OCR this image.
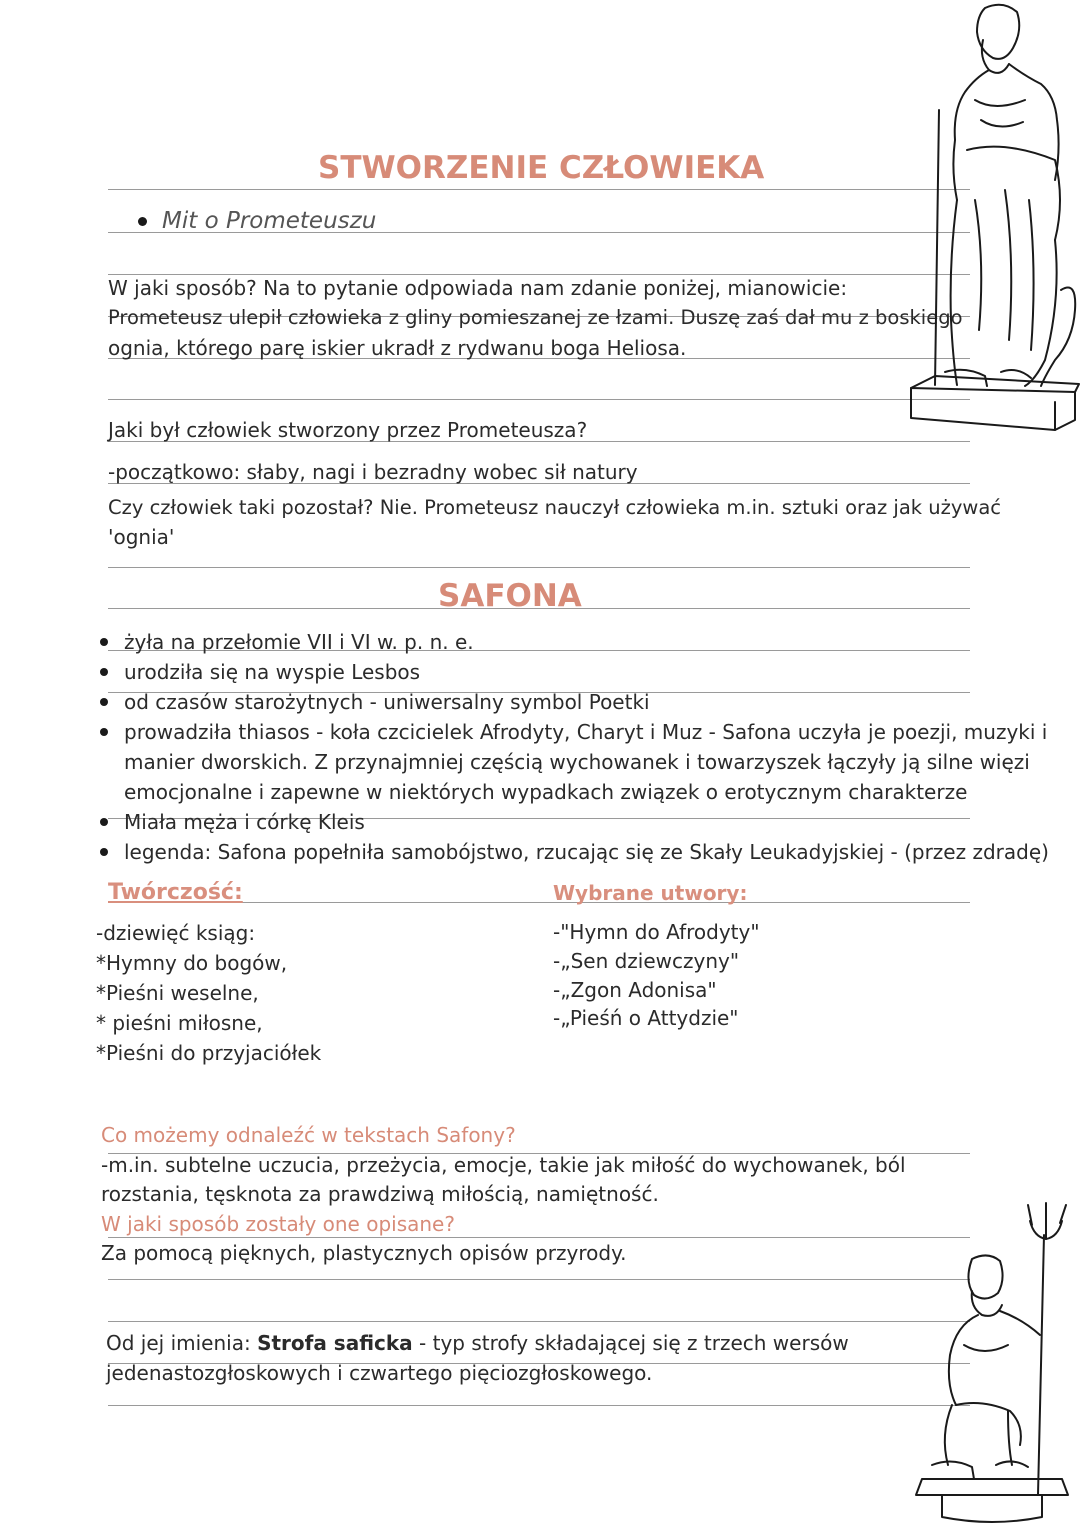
STWORZENIE CZŁOWIEKA
Mit o Prometeuszu
W jaki sposób? Na to pytanie odpowiada nam zdanie poniżej, mianowicie:
Prometeusz ulepił człowieka z gliny pomieszanej ze łzami. Duszę zaś dał mu z boskiego
ognia, którego parę iskier ukradł z rydwanu boga Heliosa.
Jaki był człowiek stworzony przez Prometeusza?
-początkowo: słaby, nagi i bezradny wobec sił natury
Czy człowiek taki pozostał? Nie. Prometeusz nauczył człowieka m.in. sztuki oraz jak używać
'ognia'
SAFONA
żyła na przełomie VII i VI w. p. n. e.
urodziła się na wyspie Lesbos
od czasów starożytnych - uniwersalny symbol Poetki
prowadziła thiasos - koła czcicielek Afrodyty, Charyt i Muz - Safona uczyła je poezji, muzyki i
manier dworskich. Z przynajmniej częścią wychowanek i towarzyszek łączyły ją silne więzi
emocjonalne i zapewne w niektórych wypadkach związek o erotycznym charakterze
Miała męża i córkę Kleis
legenda: Safona popełniła samobójstwo, rzucając się ze Skały Leukadyjskiej - (przez zdradę)
Twórczość:
-dziewięć ksiąg:
*Hymny do bogów,
*Pieśni weselne,
* pieśni miłosne,
*Pieśni do przyjaciółek
Wybrane utwory:
-"Hymn do Afrodyty"
-„Sen dziewczyny"
-„Zgon Adonisa"
-„Pieśń o Attydzie"
Co możemy odnaleźć w tekstach Safony?
-m.in. subtelne uczucia, przeżycia, emocje, takie jak miłość do wychowanek, ból
rozstania, tęsknota za prawdziwą miłością, namiętność.
W jaki sposób zostały one opisane?
Za pomocą pięknych, plastycznych opisów przyrody.
Od jej imienia: Strofa saficka - typ strofy składającej się z trzech wersów
jedenastozgłoskowych i czwartego pięciozgłoskowego.
